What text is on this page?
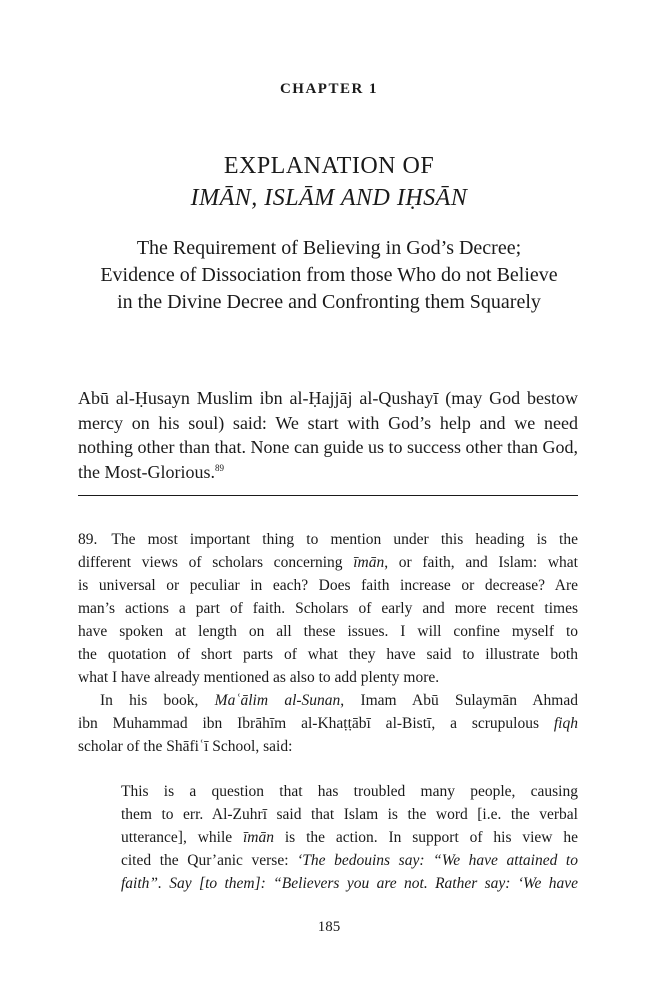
CHAPTER 1
EXPLANATION OF
IMĀN, ISLĀM AND IḤSĀN
The Requirement of Believing in God’s Decree;
Evidence of Dissociation from those Who do not Believe
in the Divine Decree and Confronting them Squarely
Abū al-Ḥusayn Muslim ibn al-Ḥajjāj al-Qushayī (may God bestow mercy on his soul) said: We start with God’s help and we need nothing other than that. None can guide us to success other than God, the Most-Glorious.$^{89}$
89. The most important thing to mention under this heading is the
different views of scholars concerning īmān, or faith, and Islam: what
is universal or peculiar in each? Does faith increase or decrease? Are
man’s actions a part of faith. Scholars of early and more recent times
have spoken at length on all these issues. I will confine myself to
the quotation of short parts of what they have said to illustrate both
what I have already mentioned as also to add plenty more.
In his book, Maʿālim al-Sunan, Imam Abū Sulaymān Ahmad
ibn Muhammad ibn Ibrāhīm al-Khaṭṭābī al-Bistī, a scrupulous fiqh
scholar of the Shāfiʿī School, said:
This is a question that has troubled many people, causing
them to err. Al-Zuhrī said that Islam is the word [i.e. the verbal
utterance], while īmān is the action. In support of his view he
cited the Qur’anic verse: ‘The bedouins say: “We have attained to
faith”. Say [to them]: “Believers you are not. Rather say: ‘We have
185
